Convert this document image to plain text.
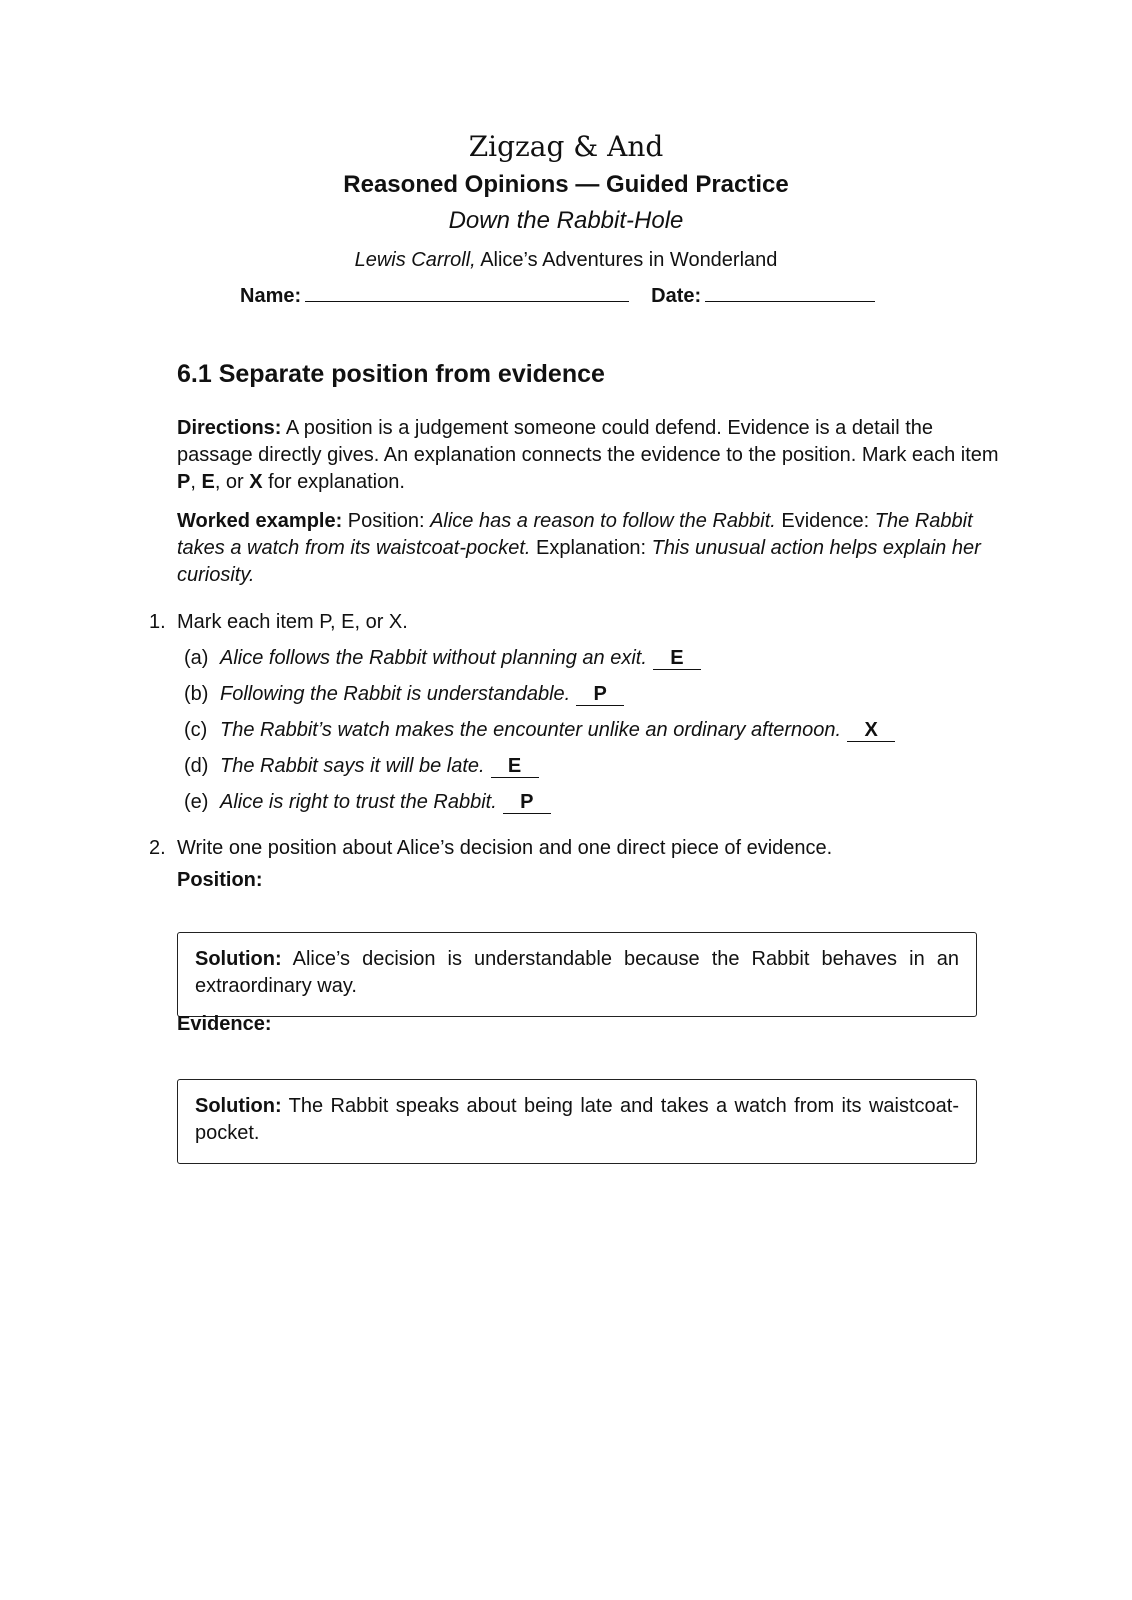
Zigzag & And
Reasoned Opinions — Guided Practice
Down the Rabbit-Hole
Lewis Carroll, Alice’s Adventures in Wonderland
Name:	Date:
6.1 Separate position from evidence
Directions: A position is a judgement someone could defend. Evidence is a detail the passage directly gives. An explanation connects the evidence to the position. Mark each item P, E, or X for explanation.
Worked example: Position: Alice has a reason to follow the Rabbit. Evidence: The Rabbit takes a watch from its waistcoat-pocket. Explanation: This unusual action helps explain her curiosity.
1. Mark each item P, E, or X.
(a) Alice follows the Rabbit without planning an exit. E
(b) Following the Rabbit is understandable. P
(c) The Rabbit’s watch makes the encounter unlike an ordinary afternoon. X
(d) The Rabbit says it will be late. E
(e) Alice is right to trust the Rabbit. P
2. Write one position about Alice’s decision and one direct piece of evidence.
Position:
Solution: Alice’s decision is understandable because the Rabbit behaves in an extraordinary way.
Evidence:
Solution: The Rabbit speaks about being late and takes a watch from its waistcoat-pocket.
